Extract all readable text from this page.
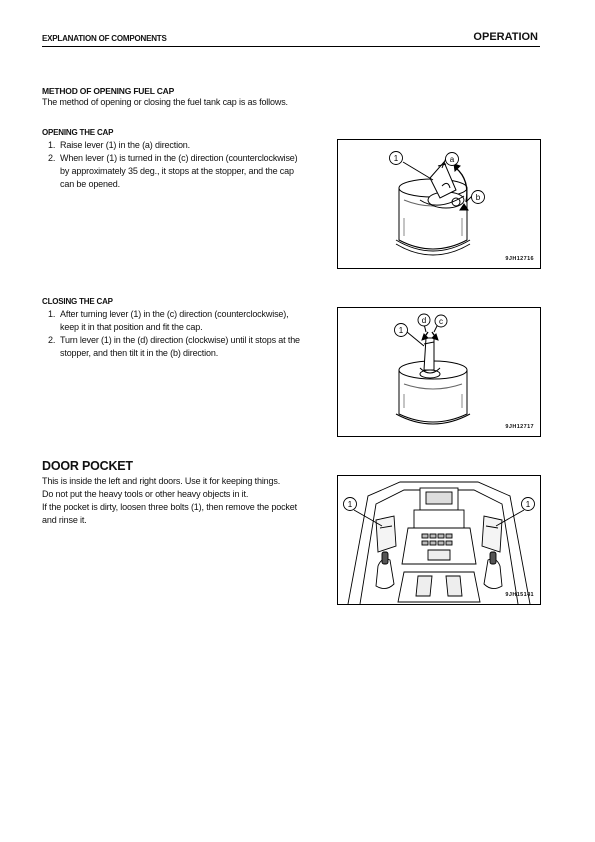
EXPLANATION OF COMPONENTS	OPERATION
METHOD OF OPENING FUEL CAP
The method of opening or closing the fuel tank cap is as follows.
OPENING THE CAP
1. Raise lever (1) in the (a) direction.
2. When lever (1) is turned in the (c) direction (counterclockwise)
by approximately 35 deg., it stops at the stopper, and the cap
can be opened.
1	a
b
9JH12716
CLOSING THE CAP
1. After turning lever (1) in the (c) direction (counterclockwise),
keep it in that position and fit the cap.
2. Turn lever (1) in the (d) direction (clockwise) until it stops at the
stopper, and then tilt it in the (b) direction.
1
d c
9JH12717
DOOR POCKET
This is inside the left and right doors. Use it for keeping things.
Do not put the heavy tools or other heavy objects in it.
If the pocket is dirty, loosen three bolts (1), then remove the pocket
and rinse it.
1	1
9JH15141
